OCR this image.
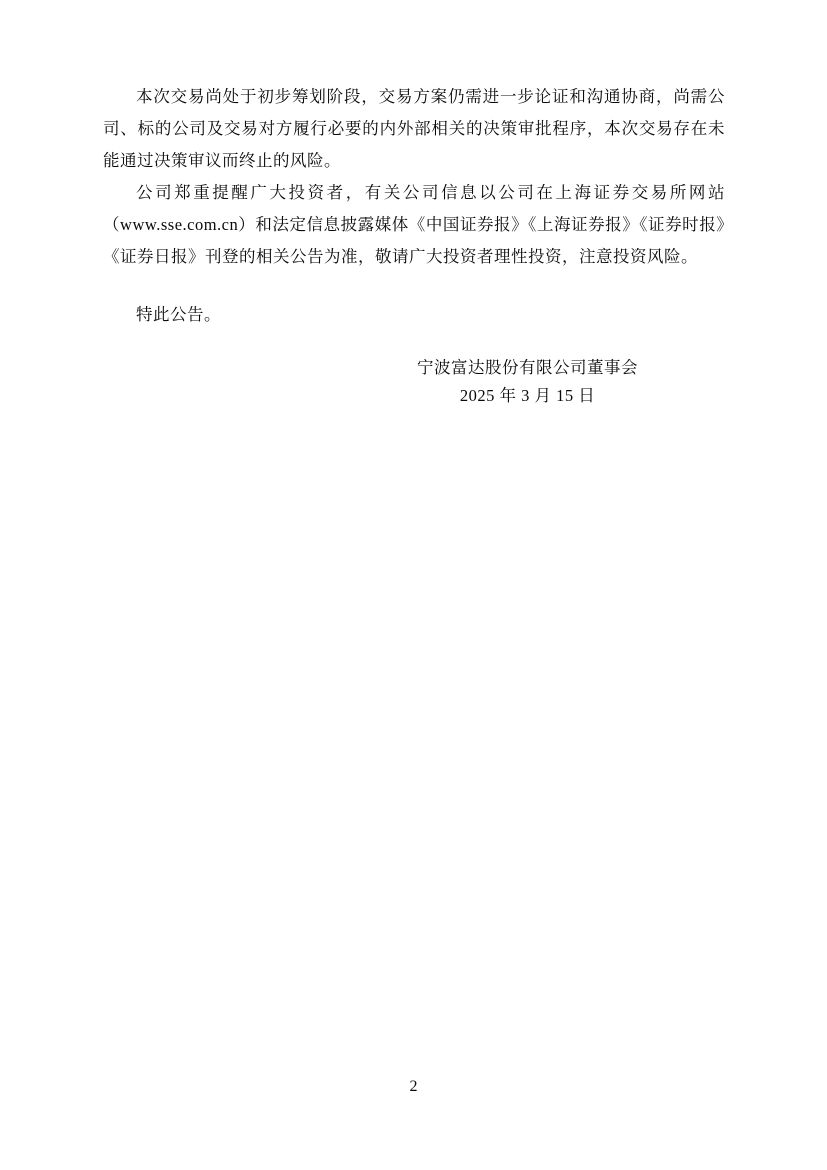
本次交易尚处于初步筹划阶段，交易方案仍需进一步论证和沟通协商，尚需公司、标的公司及交易对方履行必要的内外部相关的决策审批程序，本次交易存在未能通过决策审议而终止的风险。

公司郑重提醒广大投资者，有关公司信息以公司在上海证券交易所网站（www.sse.com.cn）和法定信息披露媒体《中国证券报》《上海证券报》《证券时报》《证券日报》刊登的相关公告为准，敬请广大投资者理性投资，注意投资风险。

特此公告。

宁波富达股份有限公司董事会
2025 年 3 月 15 日
2
